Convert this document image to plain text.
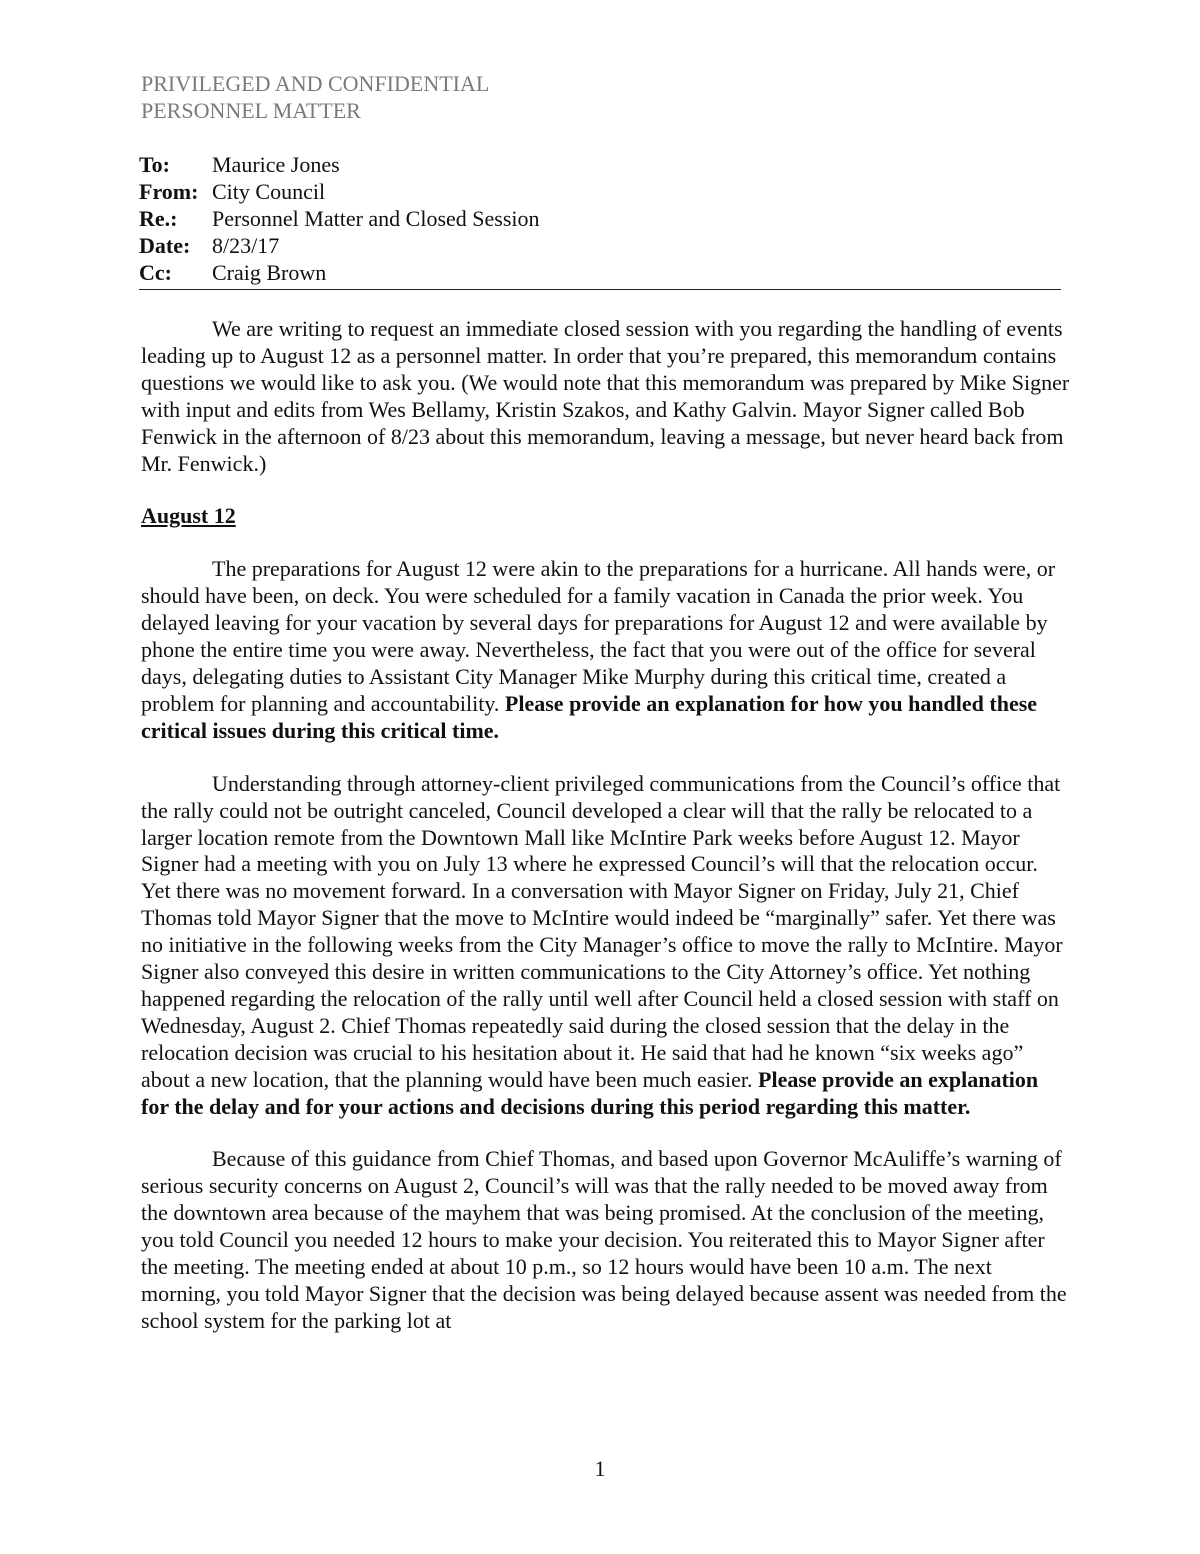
PRIVILEGED AND CONFIDENTIAL
PERSONNEL MATTER
To:	Maurice Jones
From: City Council
Re.:	Personnel Matter and Closed Session
Date: 8/23/17
Cc:	Craig Brown

We are writing to request an immediate closed session with you regarding the handling of events leading up to August 12 as a personnel matter. In order that you’re prepared, this memorandum contains questions we would like to ask you. (We would note that this memorandum was prepared by Mike Signer with input and edits from Wes Bellamy, Kristin Szakos, and Kathy Galvin. Mayor Signer called Bob Fenwick in the afternoon of 8/23 about this memorandum, leaving a message, but never heard back from Mr. Fenwick.)

August 12

The preparations for August 12 were akin to the preparations for a hurricane. All hands were, or should have been, on deck. You were scheduled for a family vacation in Canada the prior week. You delayed leaving for your vacation by several days for preparations for August 12 and were available by phone the entire time you were away. Nevertheless, the fact that you were out of the office for several days, delegating duties to Assistant City Manager Mike Murphy during this critical time, created a problem for planning and accountability. Please provide an explanation for how you handled these critical issues during this critical time.

Understanding through attorney-client privileged communications from the Council’s office that the rally could not be outright canceled, Council developed a clear will that the rally be relocated to a larger location remote from the Downtown Mall like McIntire Park weeks before August 12. Mayor Signer had a meeting with you on July 13 where he expressed Council’s will that the relocation occur. Yet there was no movement forward. In a conversation with Mayor Signer on Friday, July 21, Chief Thomas told Mayor Signer that the move to McIntire would indeed be “marginally” safer. Yet there was no initiative in the following weeks from the City Manager’s office to move the rally to McIntire. Mayor Signer also conveyed this desire in written communications to the City Attorney’s office. Yet nothing happened regarding the relocation of the rally until well after Council held a closed session with staff on Wednesday, August 2. Chief Thomas repeatedly said during the closed session that the delay in the relocation decision was crucial to his hesitation about it. He said that had he known “six weeks ago” about a new location, that the planning would have been much easier. Please provide an explanation for the delay and for your actions and decisions during this period regarding this matter.

Because of this guidance from Chief Thomas, and based upon Governor McAuliffe’s warning of serious security concerns on August 2, Council’s will was that the rally needed to be moved away from the downtown area because of the mayhem that was being promised. At the conclusion of the meeting, you told Council you needed 12 hours to make your decision. You reiterated this to Mayor Signer after the meeting. The meeting ended at about 10 p.m., so 12 hours would have been 10 a.m. The next morning, you told Mayor Signer that the decision was being delayed because assent was needed from the school system for the parking lot at

1
